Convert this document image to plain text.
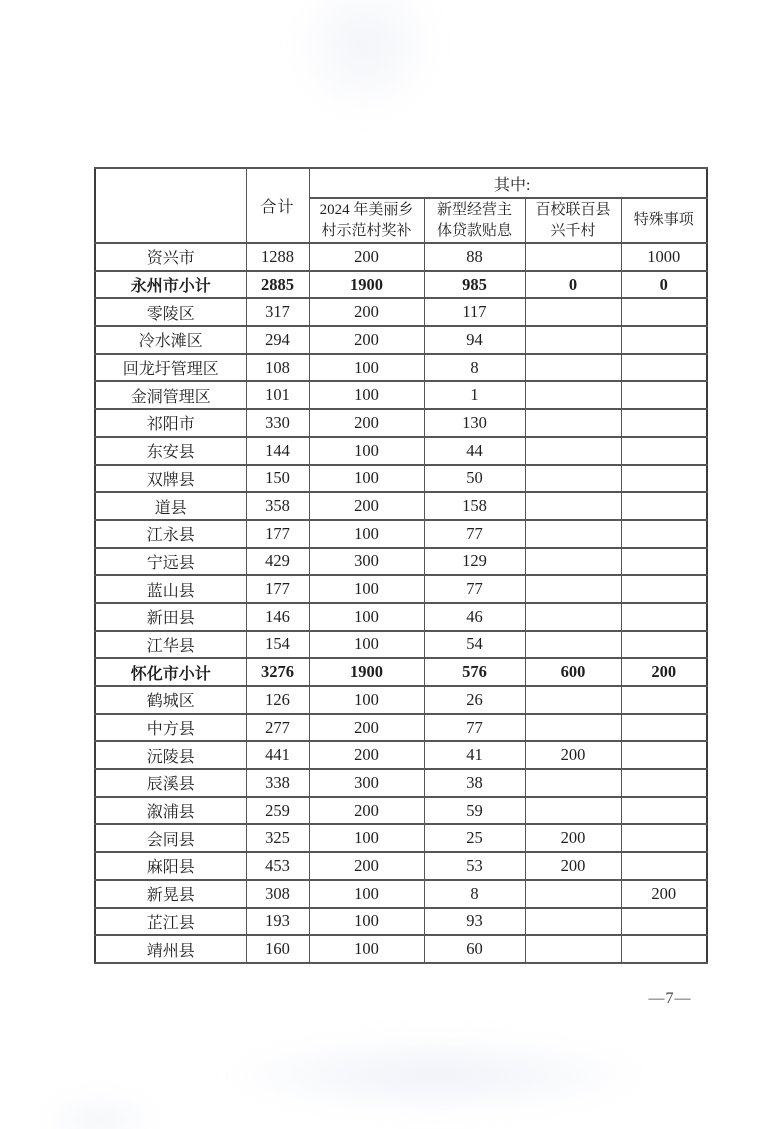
	合计	其中:			
		2024 年美丽乡村示范村奖补	新型经营主体贷款贴息	百校联百县兴千村	特殊事项
资兴市	1288	200	88		1000
永州市小计	2885	1900	985	0	0
零陵区	317	200	117		
冷水滩区	294	200	94		
回龙圩管理区	108	100	8		
金洞管理区	101	100	1		
祁阳市	330	200	130		
东安县	144	100	44		
双牌县	150	100	50		
道县	358	200	158		
江永县	177	100	77		
宁远县	429	300	129		
蓝山县	177	100	77		
新田县	146	100	46		
江华县	154	100	54		
怀化市小计	3276	1900	576	600	200
鹤城区	126	100	26		
中方县	277	200	77		
沅陵县	441	200	41	200	
辰溪县	338	300	38		
溆浦县	259	200	59		
会同县	325	100	25	200	
麻阳县	453	200	53	200	
新晃县	308	100	8		200
芷江县	193	100	93		
靖州县	160	100	60		
—7—
